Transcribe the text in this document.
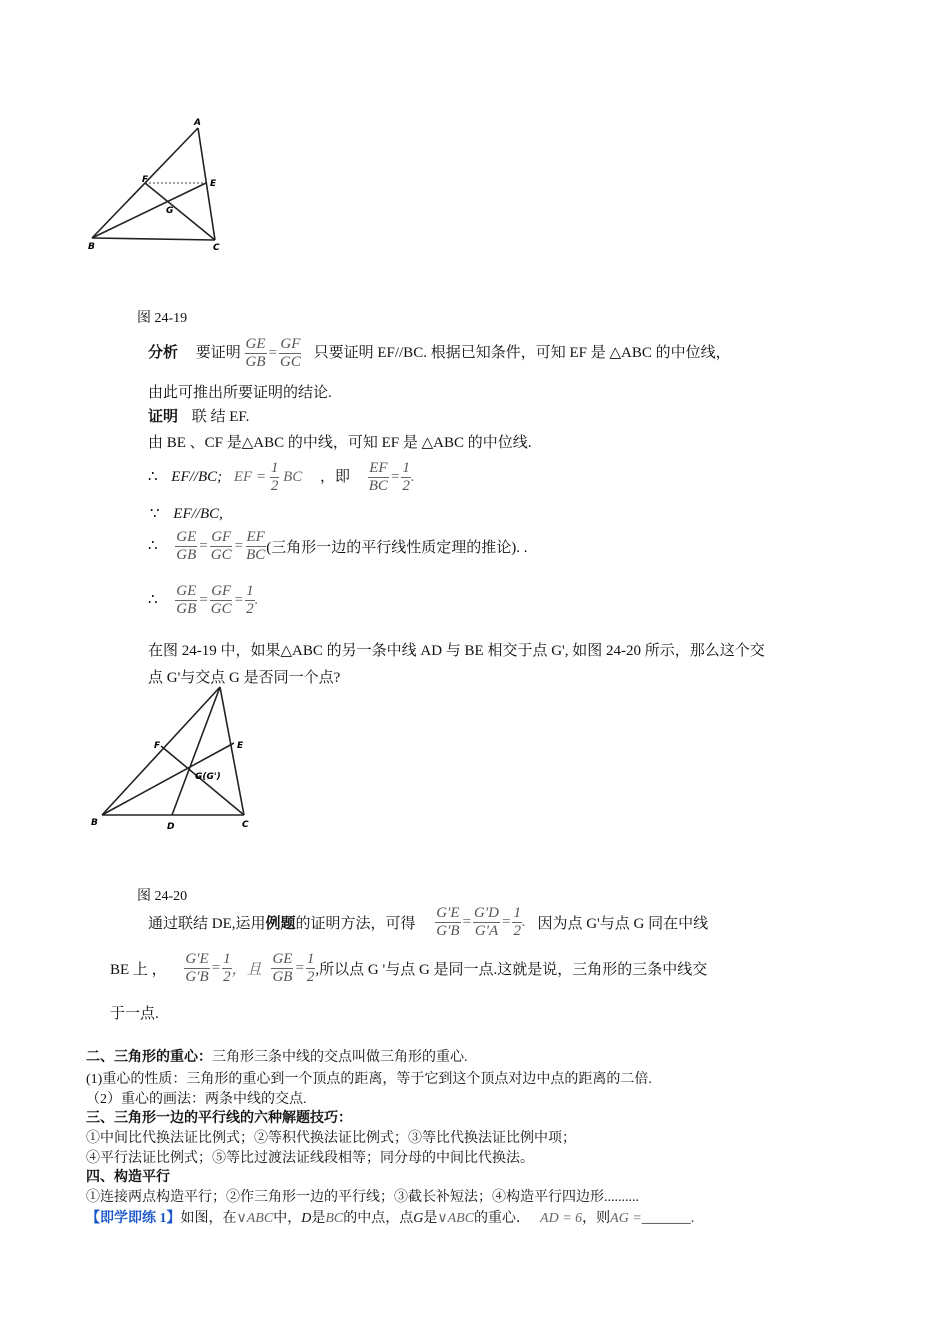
A
F	E
G
B	C
图 24-19
分析 要证明 $\frac{GE}{GB} = \frac{GF}{GC}$ 只要证明 EF//BC. 根据已知条件，可知 EF 是 △ABC 的中位线，
由此可推出所要证明的结论.
证明 联 结 EF.
由 BE 、CF 是△ABC 的中线，可知 EF 是 △ABC 的中位线.
∴ EF//BC; EF = $\frac{1}{2}$ BC ，即 $\frac{EF}{BC} = \frac{1}{2}$ .
∵ EF//BC,
∴ $\frac{GE}{GB} = \frac{GF}{GC} = \frac{EF}{BC}$ (三角形一边的平行线性质定理的推论). .
∴ $\frac{GE}{GB} = \frac{GF}{GC} = \frac{1}{2}$ .
在图 24-19 中，如果△ABC 的另一条中线 AD 与 BE 相交于点 G', 如图 24-20 所示，那么这个交
点 G'与交点 G 是否同一个点?
F	E
G(G')
B	D	C
图 24-20
通过联结 DE,运用例题的证明方法，可得 $\frac{G'E}{G'B} = \frac{G'D}{G'A} = \frac{1}{2}$ . 因为点 G'与点 G 同在中线
BE 上 ， $\frac{G'E}{G'B} = \frac{1}{2}$ ，且 $\frac{GE}{GB} = \frac{1}{2}$ ,所以点 G '与点 G 是同一点.这就是说，三角形的三条中线交
于一点.
二、三角形的重心：三角形三条中线的交点叫做三角形的重心.
(1)重心的性质：三角形的重心到一个顶点的距离，等于它到这个顶点对边中点的距离的二倍.
（2）重心的画法：两条中线的交点.
三、三角形一边的平行线的六种解题技巧：
①中间比代换法证比例式；②等积代换法证比例式；③等比代换法证比例中项；
④平行法证比例式；⑤等比过渡法证线段相等；同分母的中间比代换法。
四、构造平行
①连接两点构造平行；②作三角形一边的平行线；③截长补短法；④构造平行四边形..........
【即学即练 1】如图，在∨ABC中，D是BC的中点，点G是∨ABC的重心． AD = 6，则AG =_______.
